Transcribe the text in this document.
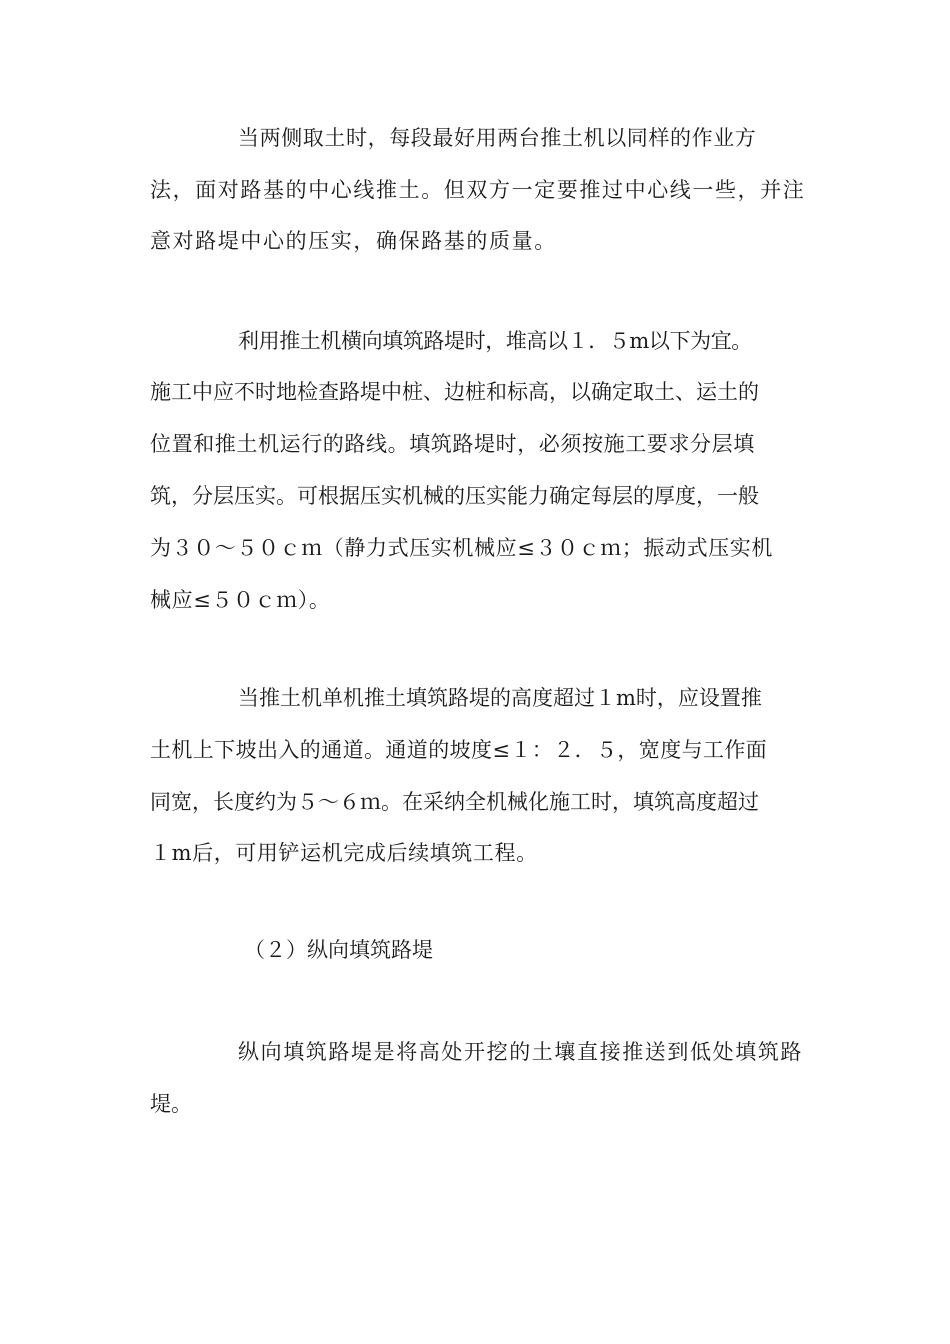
当两侧取土时，每段最好用两台推土机以同样的作业方
法，面对路基的中心线推土。但双方一定要推过中心线一些，并注
意对路堤中心的压实，确保路基的质量。
利用推土机横向填筑路堤时，堆高以１．５m以下为宜。
施工中应不时地检查路堤中桩、边桩和标高，以确定取土、运土的
位置和推土机运行的路线。填筑路堤时，必须按施工要求分层填
筑，分层压实。可根据压实机械的压实能力确定每层的厚度，一般
为３０～５０ｃｍ（静力式压实机械应≤３０ｃｍ；振动式压实机
械应≤５０ｃｍ）。
当推土机单机推土填筑路堤的高度超过１m时，应设置推
土机上下坡出入的通道。通道的坡度≤１：２．５，宽度与工作面
同宽，长度约为５～６ｍ。在采纳全机械化施工时，填筑高度超过
１m后，可用铲运机完成后续填筑工程。
（２）纵向填筑路堤
纵向填筑路堤是将高处开挖的土壤直接推送到低处填筑路
堤。
